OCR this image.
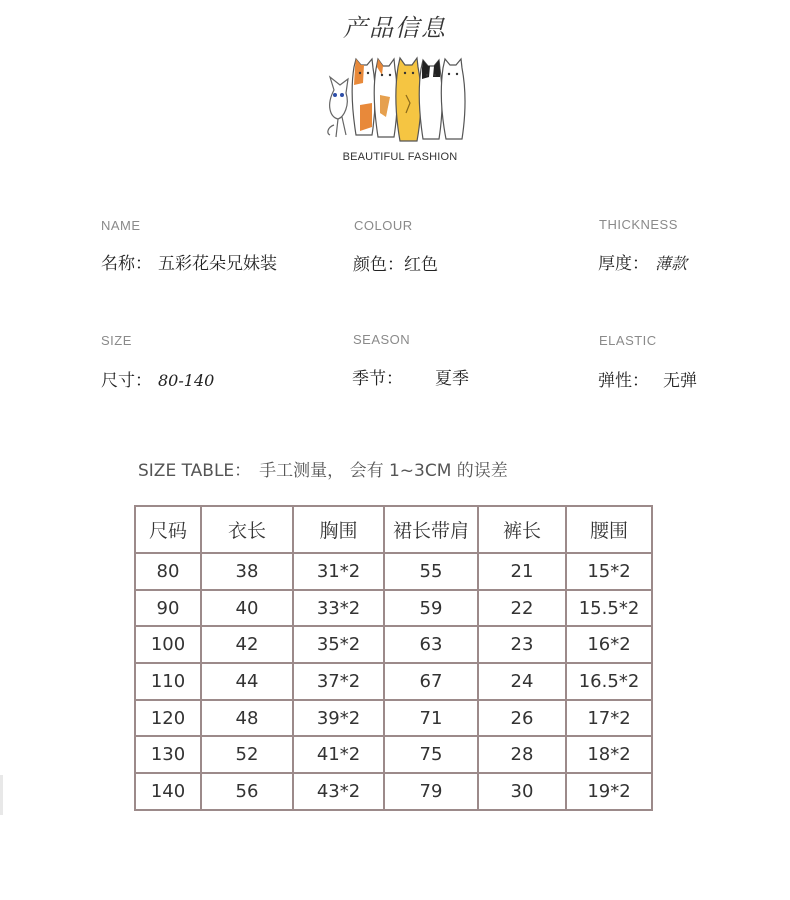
产品信息
BEAUTIFUL FASHION
NAME
名称： 五彩花朵兄妹装
COLOUR
颜色：红色
THICKNESS
厚度： 薄款
SIZE
尺寸： 80-140
SEASON
季节： 夏季
ELASTIC
弹性： 无弹
SIZE TABLE： 手工测量， 会有 1~3CM 的误差
尺码	衣长	胸围	裙长带肩	裤长	腰围
80	38	31*2	55	21	15*2
90	40	33*2	59	22	15.5*2
100	42	35*2	63	23	16*2
110	44	37*2	67	24	16.5*2
120	48	39*2	71	26	17*2
130	52	41*2	75	28	18*2
140	56	43*2	79	30	19*2
